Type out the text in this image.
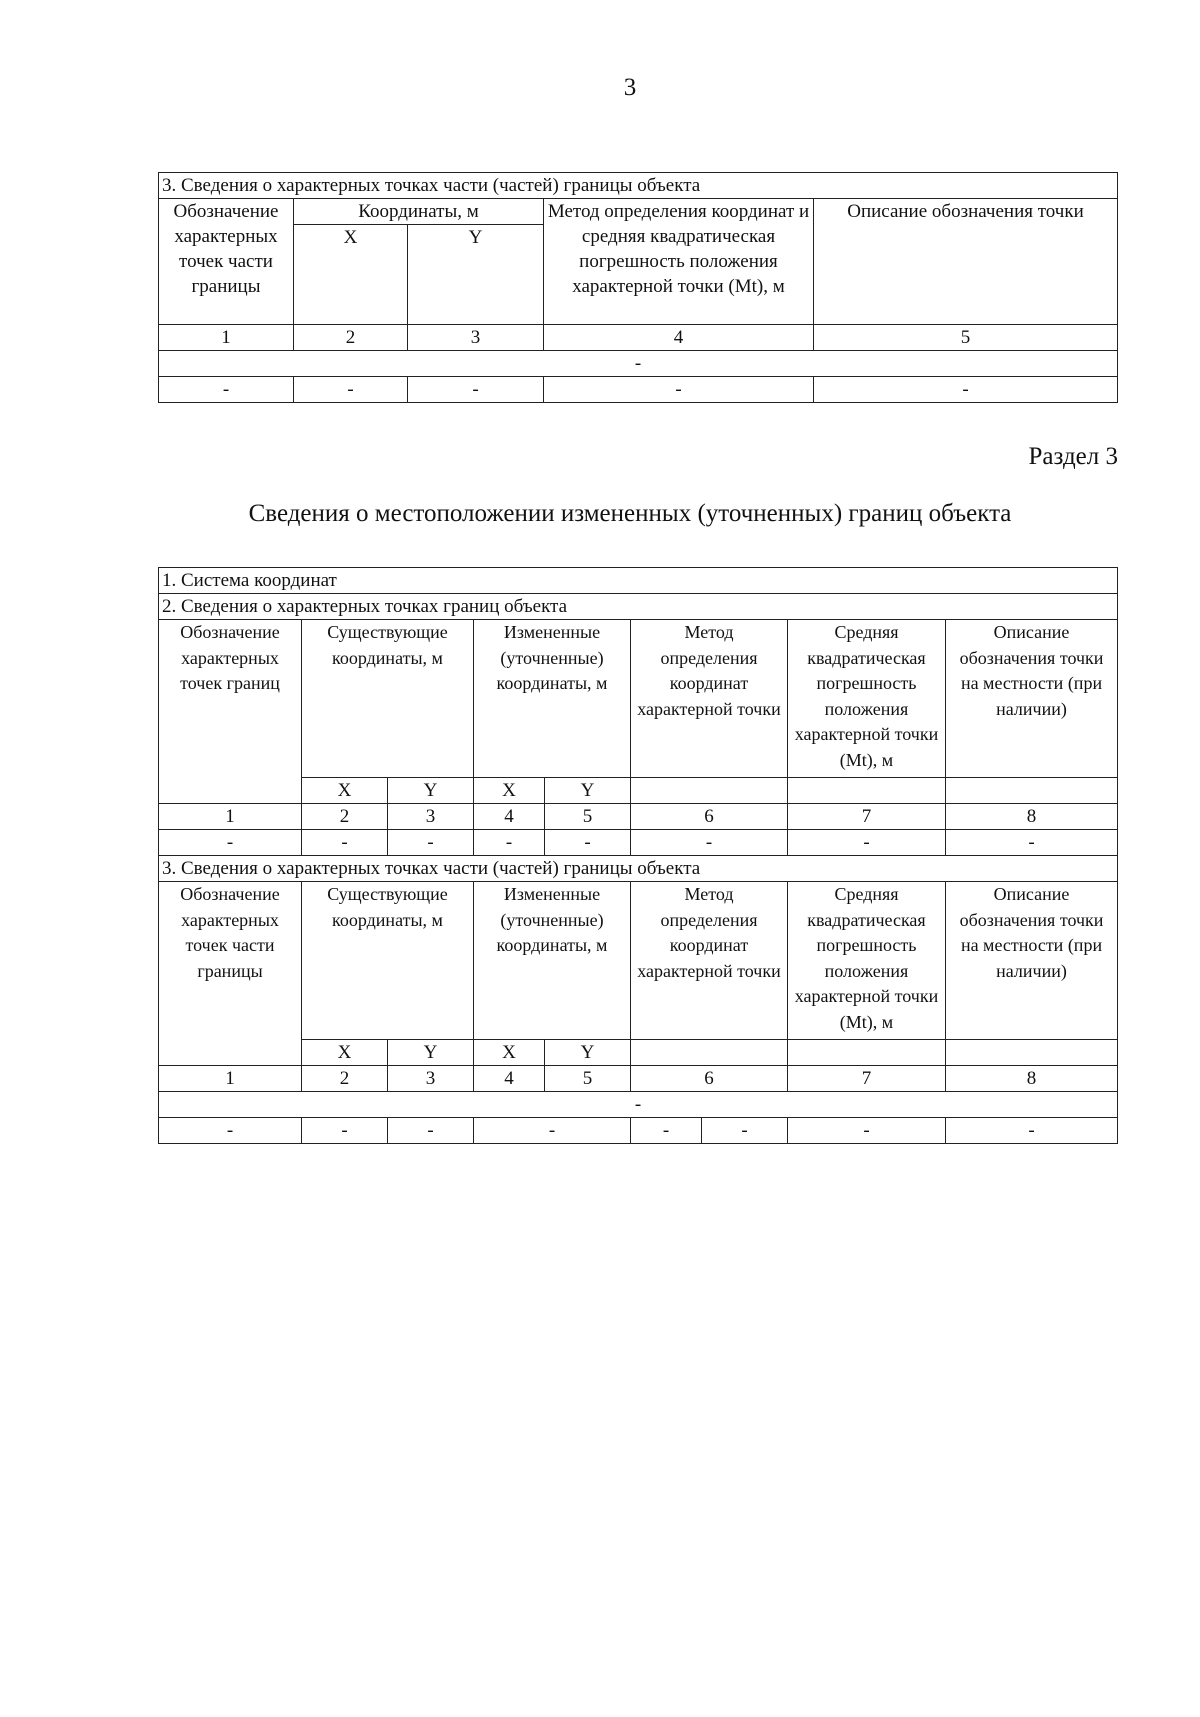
3
3. Сведения о характерных точках части (частей) границы объекта				
Обозначение характерных точек части границы	Координаты, м		Метод определения координат и средняя квадратическая погрешность положения характерной точки (Mt), м	Описание обозначения точки
	X	Y		
1	2	3	4	5
-				
-	-	-	-	-
Раздел 3
Сведения о местоположении измененных (уточненных) границ объекта
1. Система координат								
2. Сведения о характерных точках границ объекта								
Обозначение характерных точек границ	Существующие координаты, м		Измененные (уточненные) координаты, м		Метод определения координат характерной точки		Средняя квадратическая погрешность положения характерной точки (Mt), м	Описание обозначения точки на местности (при наличии)
	X	Y	X	Y				
1	2	3	4	5	6		7	8
-	-	-	-	-	-		-	-
3. Сведения о характерных точках части (частей) границы объекта								
Обозначение характерных точек части границы	Существующие координаты, м		Измененные (уточненные) координаты, м		Метод определения координат характерной точки		Средняя квадратическая погрешность положения характерной точки (Mt), м	Описание обозначения точки на местности (при наличии)
	X	Y	X	Y				
1	2	3	4	5	6		7	8
-								
-	-	-	-		-	-	-	-
